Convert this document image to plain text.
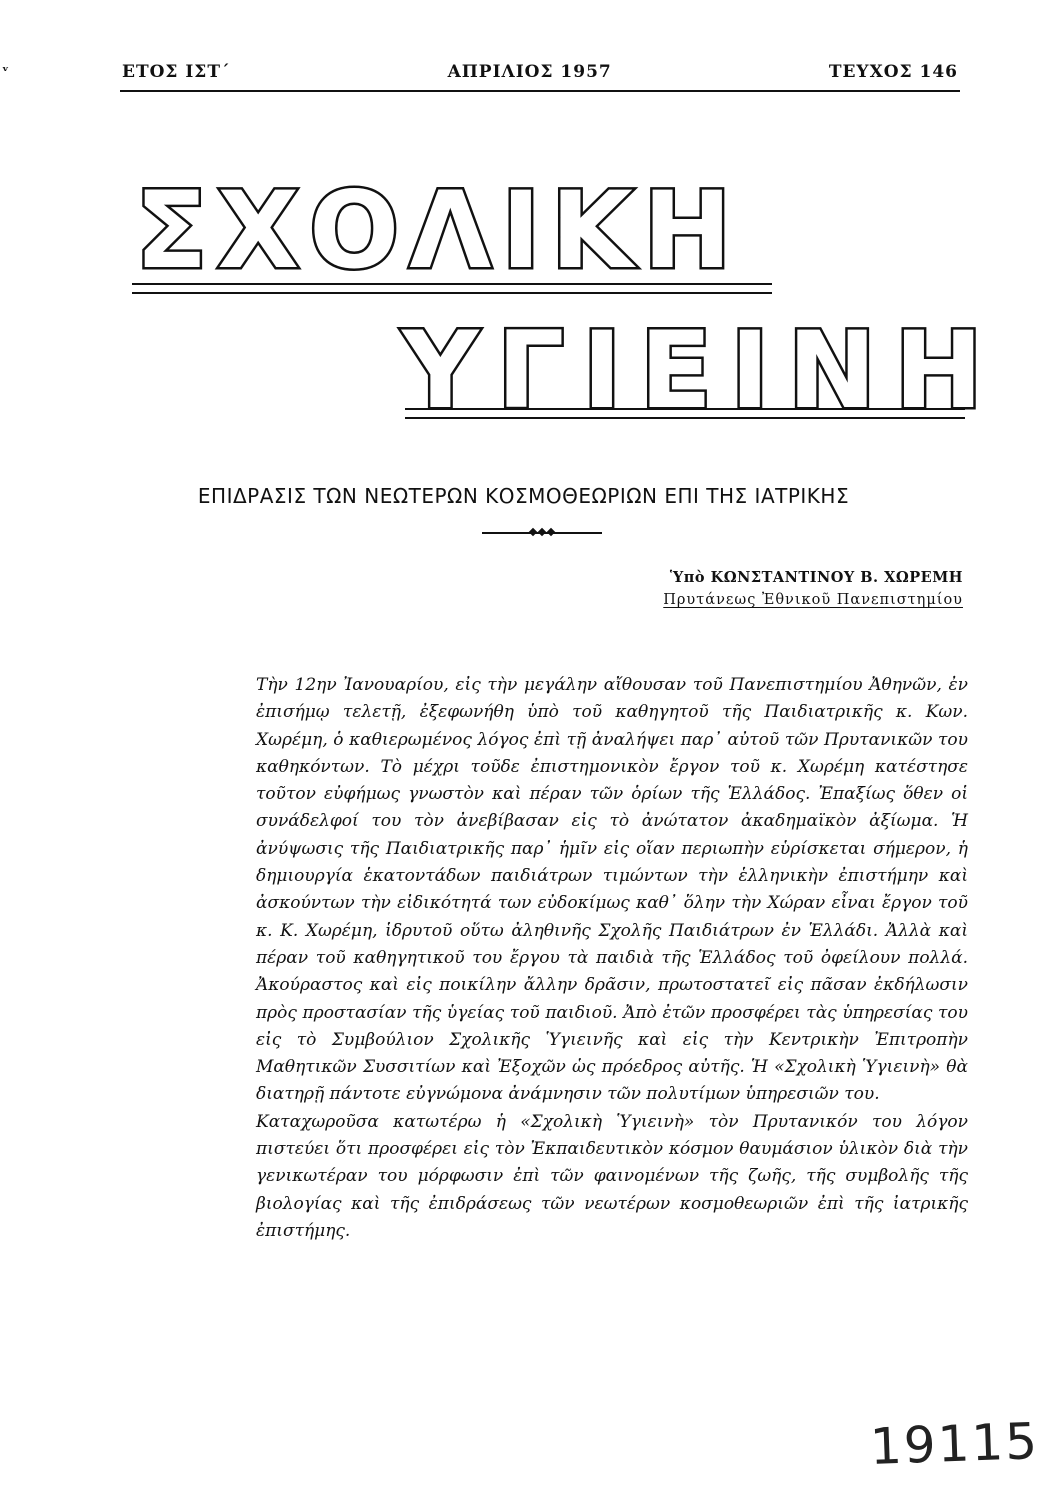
ᵛ	ΕΤΟΣ ΙΣΤ΄	ΑΠΡΙΛΙΟΣ 1957	ΤΕΥΧΟΣ 146
ΣΧΟΛΙΚΗ
ΥΓΙΕΙΝΗ
ΕΠΙΔΡΑΣΙΣ ΤΩΝ ΝΕΩΤΕΡΩΝ ΚΟΣΜΟΘΕΩΡΙΩΝ ΕΠΙ ΤΗΣ ΙΑΤΡΙΚΗΣ
Ὑπὸ ΚΩΝΣΤΑΝΤΙΝΟΥ Β. ΧΩΡΕΜΗ
Πρυτάνεως Ἐθνικοῦ Πανεπιστημίου

Τὴν 12ην Ἰανουαρίου, εἰς τὴν μεγάλην αἴθουσαν τοῦ Πανεπιστημίου Ἀθηνῶν, ἐν ἐπισήμῳ τελετῇ, ἐξεφωνήθη ὑπὸ τοῦ καθηγητοῦ τῆς Παιδιατρικῆς κ. Κων. Χωρέμη, ὁ καθιερωμένος λόγος ἐπὶ τῇ ἀναλήψει παρ᾽ αὐτοῦ τῶν Πρυτανικῶν του καθηκόντων. Τὸ μέχρι τοῦδε ἐπιστημονικὸν ἔργον τοῦ κ. Χωρέμη κατέστησε τοῦτον εὐφήμως γνωστὸν καὶ πέραν τῶν ὁρίων τῆς Ἑλλάδος. Ἐπαξίως ὅθεν οἱ συνάδελφοί του τὸν ἀνεβίβασαν εἰς τὸ ἀνώτατον ἀκαδημαϊκὸν ἀξίωμα. Ἡ ἀνύψωσις τῆς Παιδιατρικῆς παρ᾽ ἡμῖν εἰς οἵαν περιωπὴν εὑρίσκεται σήμερον, ἡ δημιουργία ἑκατοντάδων παιδιάτρων τιμώντων τὴν ἑλληνικὴν ἐπιστήμην καὶ ἀσκούντων τὴν εἰδικότητά των εὐδοκίμως καθ᾽ ὅλην τὴν Χώραν εἶναι ἔργον τοῦ κ. Κ. Χωρέμη, ἱδρυτοῦ οὕτω ἀληθινῆς Σχολῆς Παιδιάτρων ἐν Ἑλλάδι. Ἀλλὰ καὶ πέραν τοῦ καθηγητικοῦ του ἔργου τὰ παιδιὰ τῆς Ἑλλάδος τοῦ ὀφείλουν πολλά. Ἀκούραστος καὶ εἰς ποικίλην ἄλλην δρᾶσιν, πρωτοστατεῖ εἰς πᾶσαν ἐκδήλωσιν πρὸς προστασίαν τῆς ὑγείας τοῦ παιδιοῦ. Ἀπὸ ἐτῶν προσφέρει τὰς ὑπηρεσίας του εἰς τὸ Συμβούλιον Σχολικῆς Ὑγιεινῆς καὶ εἰς τὴν Κεντρικὴν Ἐπιτροπὴν Μαθητικῶν Συσσιτίων καὶ Ἐξοχῶν ὡς πρόεδρος αὐτῆς. Ἡ «Σχολικὴ Ὑγιεινὴ» θὰ διατηρῇ πάντοτε εὐγνώμονα ἀνάμνησιν τῶν πολυτίμων ὑπηρεσιῶν του.

Καταχωροῦσα κατωτέρω ἡ «Σχολικὴ Ὑγιεινὴ» τὸν Πρυτανικόν του λόγον πιστεύει ὅτι προσφέρει εἰς τὸν Ἐκπαιδευτικὸν κόσμον θαυμάσιον ὑλικὸν διὰ τὴν γενικωτέραν του μόρφωσιν ἐπὶ τῶν φαινομένων τῆς ζωῆς, τῆς συμβολῆς τῆς βιολογίας καὶ τῆς ἐπιδράσεως τῶν νεωτέρων κοσμοθεωριῶν ἐπὶ τῆς ἰατρικῆς ἐπιστήμης.

19115
